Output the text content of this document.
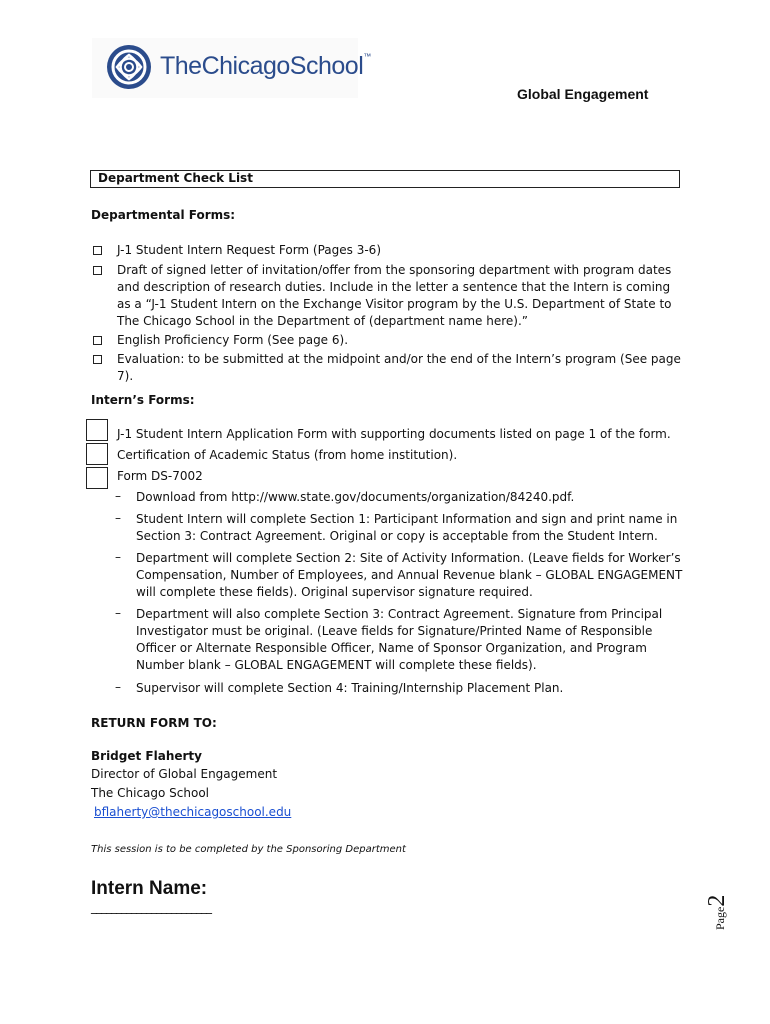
TheChicagoSchool™
Global Engagement
Department Check List
Departmental Forms:
J-1 Student Intern Request Form (Pages 3-6)
Draft of signed letter of invitation/offer from the sponsoring department with program dates and description of research duties. Include in the letter a sentence that the Intern is coming as a “J-1 Student Intern on the Exchange Visitor program by the U.S. Department of State to The Chicago School in the Department of (department name here).”
English Proficiency Form (See page 6).
Evaluation: to be submitted at the midpoint and/or the end of the Intern’s program (See page 7).
Intern’s Forms:
J-1 Student Intern Application Form with supporting documents listed on page 1 of the form.
Certification of Academic Status (from home institution).
Form DS-7002
– Download from http://www.state.gov/documents/organization/84240.pdf.
– Student Intern will complete Section 1: Participant Information and sign and print name in Section 3: Contract Agreement. Original or copy is acceptable from the Student Intern.
– Department will complete Section 2: Site of Activity Information. (Leave fields for Worker’s Compensation, Number of Employees, and Annual Revenue blank – GLOBAL ENGAGEMENT will complete these fields). Original supervisor signature required.
– Department will also complete Section 3: Contract Agreement. Signature from Principal Investigator must be original. (Leave fields for Signature/Printed Name of Responsible Officer or Alternate Responsible Officer, Name of Sponsor Organization, and Program Number blank – GLOBAL ENGAGEMENT will complete these fields).
– Supervisor will complete Section 4: Training/Internship Placement Plan.
RETURN FORM TO:
Bridget Flaherty
Director of Global Engagement
The Chicago School
bflaherty@thechicagoschool.edu
This session is to be completed by the Sponsoring Department
Intern Name:
________________________	Page2
